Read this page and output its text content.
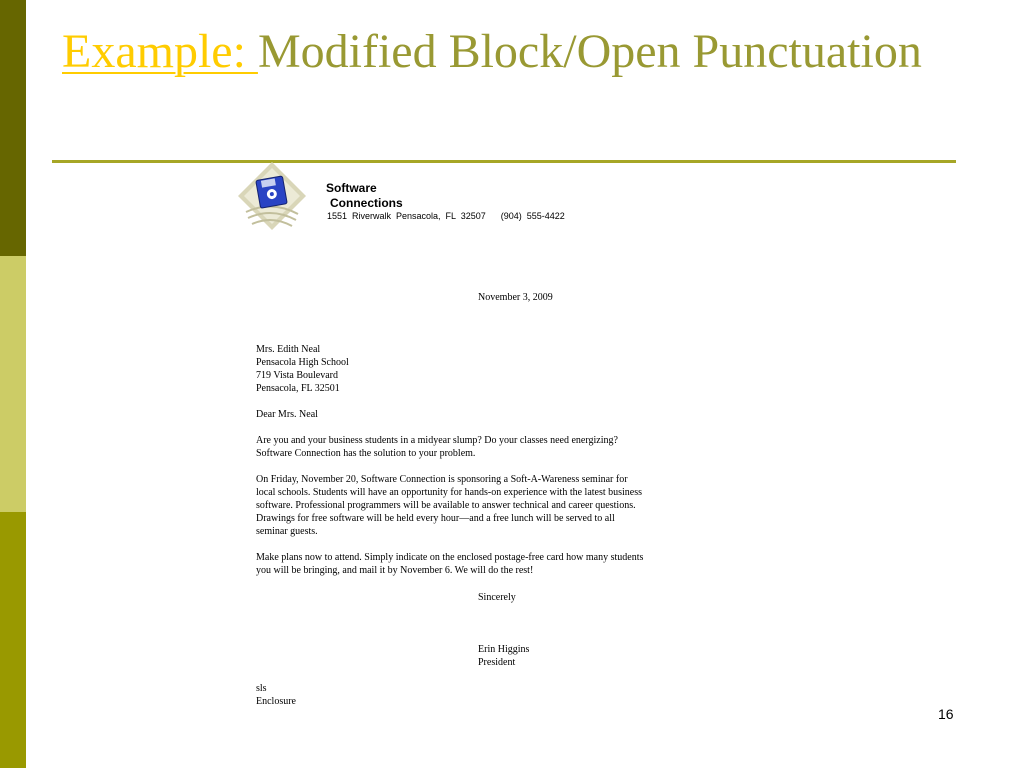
Example: Modified Block/Open Punctuation
Software
Connections
1551  Riverwalk  Pensacola,  FL  32507      (904)  555-4422
November 3, 2009

Mrs. Edith Neal

Pensacola High School

719 Vista Boulevard

Pensacola, FL 32501

Dear Mrs. Neal

Are you and your business students in a midyear slump? Do your classes need energizing?

Software Connection has the solution to your problem.

On Friday, November 20, Software Connection is sponsoring a Soft-A-Wareness seminar for

local schools. Students will have an opportunity for hands-on experience with the latest business

software. Professional programmers will be available to answer technical and career questions.

Drawings for free software will be held every hour—and a free lunch will be served to all

seminar guests.

Make plans now to attend. Simply indicate on the enclosed postage-free card how many students

you will be bringing, and mail it by November 6. We will do the rest!

Sincerely

Erin Higgins

President

sls

Enclosure

16
